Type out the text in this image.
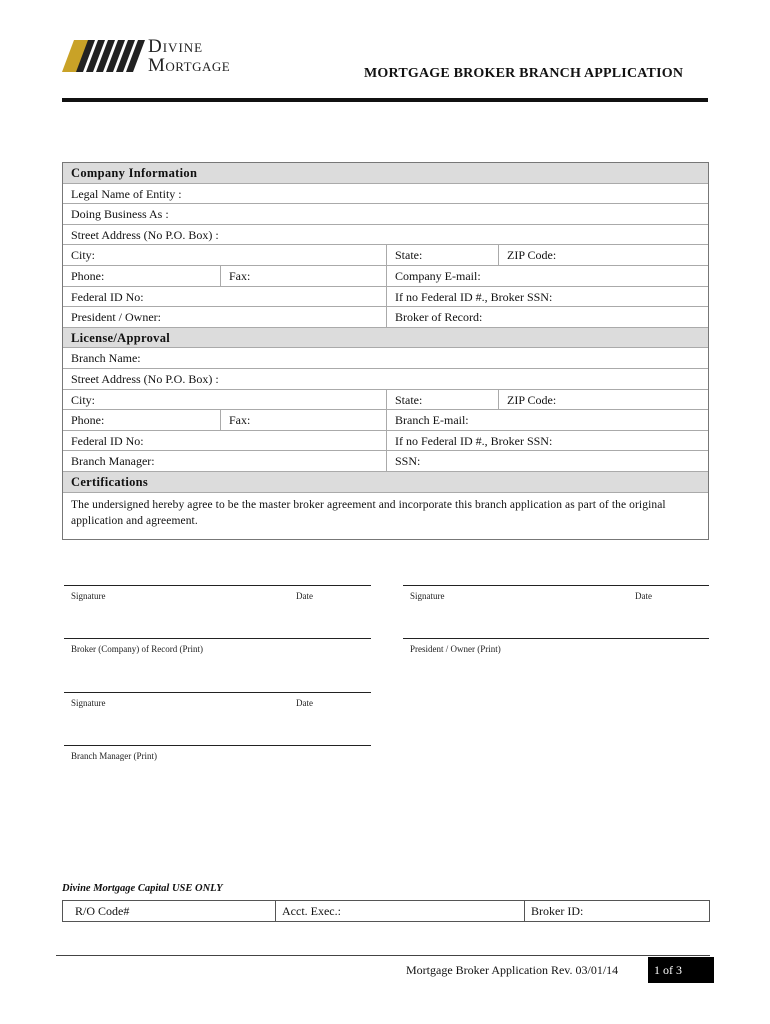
Divine
Mortgage	MORTGAGE BROKER BRANCH APPLICATION
Company Information
Legal Name of Entity :
Doing Business As :
Street Address (No P.O. Box) :
City:	State:	ZIP Code:
Phone:	Fax:	Company E-mail:
Federal ID No:	If no Federal ID #., Broker SSN:
President / Owner:	Broker of Record:
License/Approval
Branch Name:
Street Address (No P.O. Box) :
City:	State:	ZIP Code:
Phone:	Fax:	Branch E-mail:
Federal ID No:	If no Federal ID #., Broker SSN:
Branch Manager:	SSN:
Certifications
The undersigned hereby agree to be the master broker agreement and incorporate this branch application as part of the original application and agreement.
Signature	Date	Signature	Date
Broker (Company) of Record (Print)	President / Owner (Print)
Signature	Date
Branch Manager (Print)
Divine Mortgage Capital USE ONLY
R/O Code#	Acct. Exec.:	Broker ID:
Mortgage Broker Application Rev. 03/01/14	1 of 3
